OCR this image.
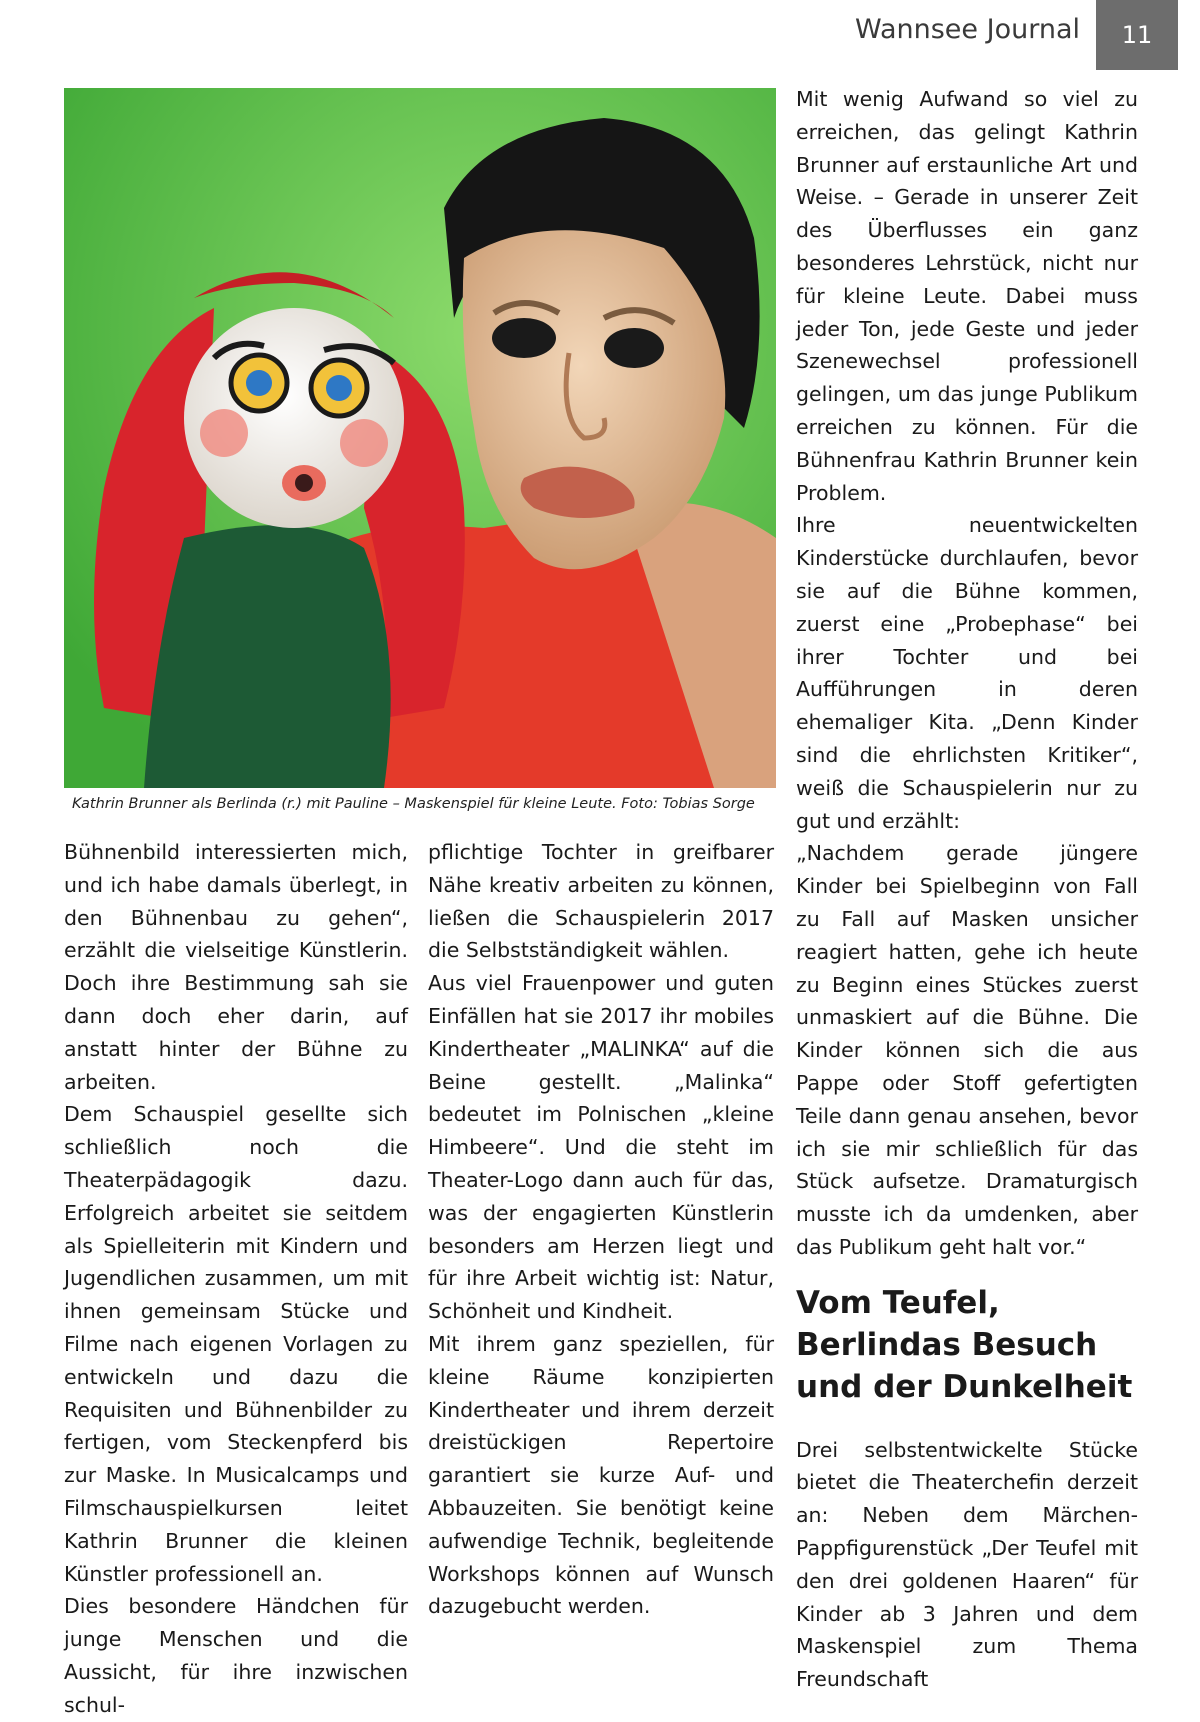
Wannsee Journal	11
Kathrin Brunner als Berlinda (r.) mit Pauline – Maskenspiel für kleine Leute. Foto: Tobias Sorge

Bühnenbild interessierten mich, und ich habe damals überlegt, in den Bühnenbau zu gehen“, erzählt die vielseitige Künstlerin. Doch ihre Bestimmung sah sie dann doch eher darin, auf anstatt hinter der Bühne zu arbeiten.

Dem Schauspiel gesellte sich schließlich noch die Theaterpädagogik dazu. Erfolgreich arbeitet sie seitdem als Spielleiterin mit Kindern und Jugendlichen zusammen, um mit ihnen gemeinsam Stücke und Filme nach eigenen Vorlagen zu entwickeln und dazu die Requisiten und Bühnenbilder zu fertigen, vom Steckenpferd bis zur Maske. In Musicalcamps und Filmschauspielkursen leitet Kathrin Brunner die kleinen Künstler professionell an.

Dies besondere Händchen für junge Menschen und die Aussicht, für ihre inzwischen schul-

pflichtige Tochter in greifbarer Nähe kreativ arbeiten zu können, ließen die Schauspielerin 2017 die Selbstständigkeit wählen.

Aus viel Frauenpower und guten Einfällen hat sie 2017 ihr mobiles Kindertheater „MALINKA“ auf die Beine gestellt. „Malinka“ bedeutet im Polnischen „kleine Himbeere“. Und die steht im Theater-Logo dann auch für das, was der engagierten Künstlerin besonders am Herzen liegt und für ihre Arbeit wichtig ist: Natur, Schönheit und Kindheit.

Mit ihrem ganz speziellen, für kleine Räume konzipierten Kindertheater und ihrem derzeit dreistückigen Repertoire garantiert sie kurze Auf- und Abbauzeiten. Sie benötigt keine aufwendige Technik, begleitende Workshops können auf Wunsch dazugebucht werden.

Mit wenig Aufwand so viel zu erreichen, das gelingt Kathrin Brunner auf erstaunliche Art und Weise. – Gerade in unserer Zeit des Überflusses ein ganz besonderes Lehrstück, nicht nur für kleine Leute. Dabei muss jeder Ton, jede Geste und jeder Szenewechsel professionell gelingen, um das junge Publikum erreichen zu können. Für die Bühnenfrau Kathrin Brunner kein Problem.

Ihre neuentwickelten Kinderstücke durchlaufen, bevor sie auf die Bühne kommen, zuerst eine „Probephase“ bei ihrer Tochter und bei Aufführungen in deren ehemaliger Kita. „Denn Kinder sind die ehrlichsten Kritiker“, weiß die Schauspielerin nur zu gut und erzählt:

„Nachdem gerade jüngere Kinder bei Spielbeginn von Fall zu Fall auf Masken unsicher reagiert hatten, gehe ich heute zu Beginn eines Stückes zuerst unmaskiert auf die Bühne. Die Kinder können sich die aus Pappe oder Stoff gefertigten Teile dann genau ansehen, bevor ich sie mir schließlich für das Stück aufsetze. Dramaturgisch musste ich da umdenken, aber das Publikum geht halt vor.“

Vom Teufel, Berlindas Besuch und der Dunkelheit

Drei selbstentwickelte Stücke bietet die Theaterchefin derzeit an: Neben dem Märchen-Pappfigurenstück „Der Teufel mit den drei goldenen Haaren“ für Kinder ab 3 Jahren und dem Maskenspiel zum Thema Freundschaft
